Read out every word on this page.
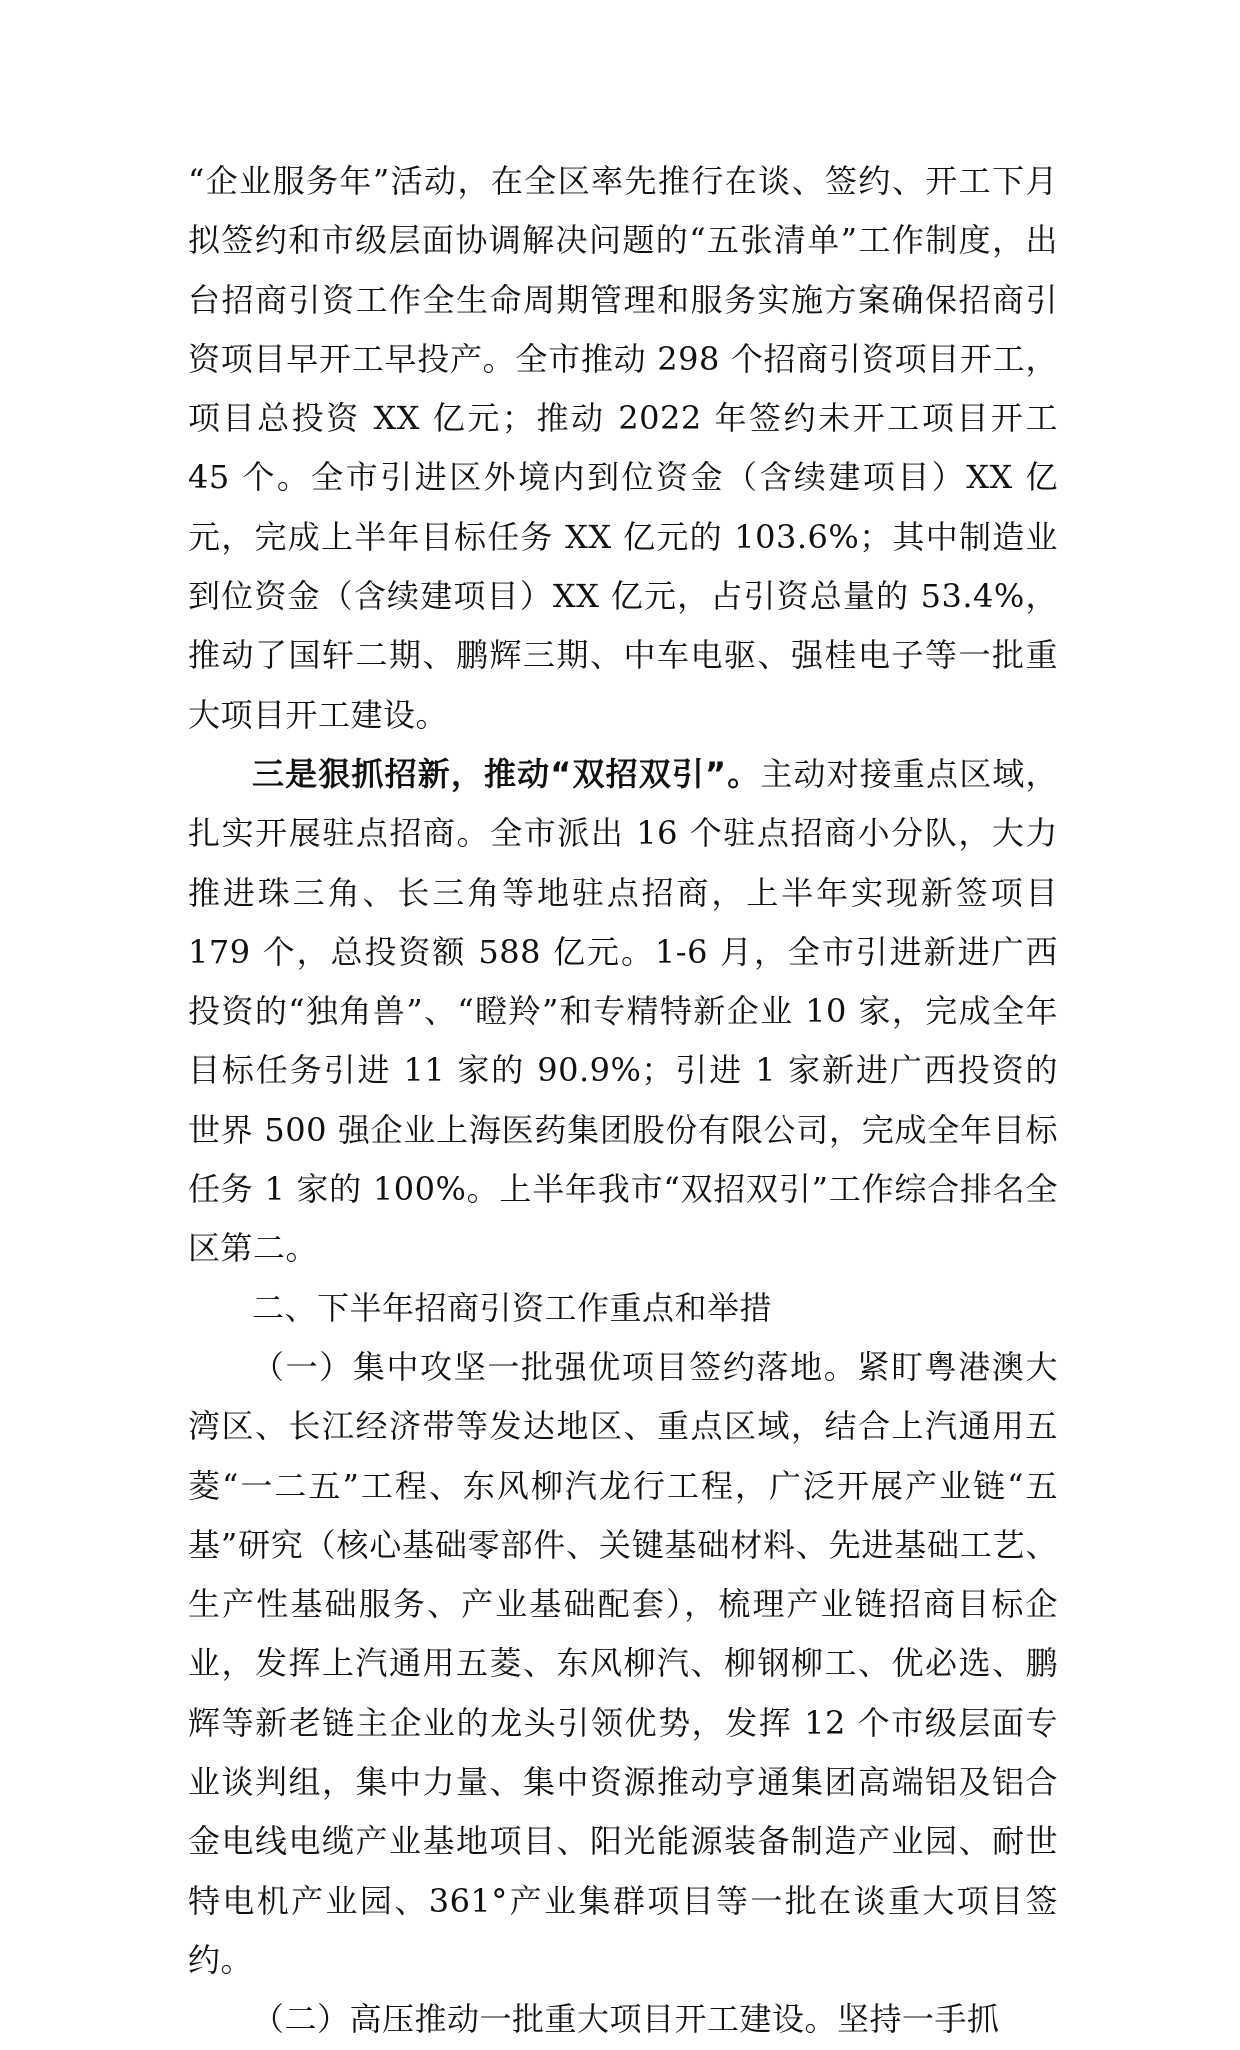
“企业服务年”活动，在全区率先推行在谈、签约、开工下月拟签约和市级层面协调解决问题的“五张清单”工作制度，出台招商引资工作全生命周期管理和服务实施方案确保招商引资项目早开工早投产。全市推动 298 个招商引资项目开工，项目总投资 XX 亿元；推动 2022 年签约未开工项目开工 45 个。全市引进区外境内到位资金（含续建项目）XX 亿元，完成上半年目标任务 XX 亿元的 103.6%；其中制造业到位资金（含续建项目）XX 亿元，占引资总量的 53.4%，推动了国轩二期、鹏辉三期、中车电驱、强桂电子等一批重大项目开工建设。

三是狠抓招新，推动“双招双引”。主动对接重点区域，扎实开展驻点招商。全市派出 16 个驻点招商小分队，大力推进珠三角、长三角等地驻点招商，上半年实现新签项目 179 个，总投资额 588 亿元。1-6 月，全市引进新进广西投资的“独角兽”、“瞪羚”和专精特新企业 10 家，完成全年目标任务引进 11 家的 90.9%；引进 1 家新进广西投资的世界 500 强企业上海医药集团股份有限公司，完成全年目标任务 1 家的 100%。上半年我市“双招双引”工作综合排名全区第二。

二、下半年招商引资工作重点和举措

（一）集中攻坚一批强优项目签约落地。紧盯粤港澳大湾区、长江经济带等发达地区、重点区域，结合上汽通用五菱“一二五”工程、东风柳汽龙行工程，广泛开展产业链“五基”研究（核心基础零部件、关键基础材料、先进基础工艺、生产性基础服务、产业基础配套），梳理产业链招商目标企业，发挥上汽通用五菱、东风柳汽、柳钢柳工、优必选、鹏辉等新老链主企业的龙头引领优势，发挥 12 个市级层面专业谈判组，集中力量、集中资源推动亨通集团高端铝及铝合金电线电缆产业基地项目、阳光能源装备制造产业园、耐世特电机产业园、361°产业集群项目等一批在谈重大项目签约。

（二）高压推动一批重大项目开工建设。坚持一手抓
